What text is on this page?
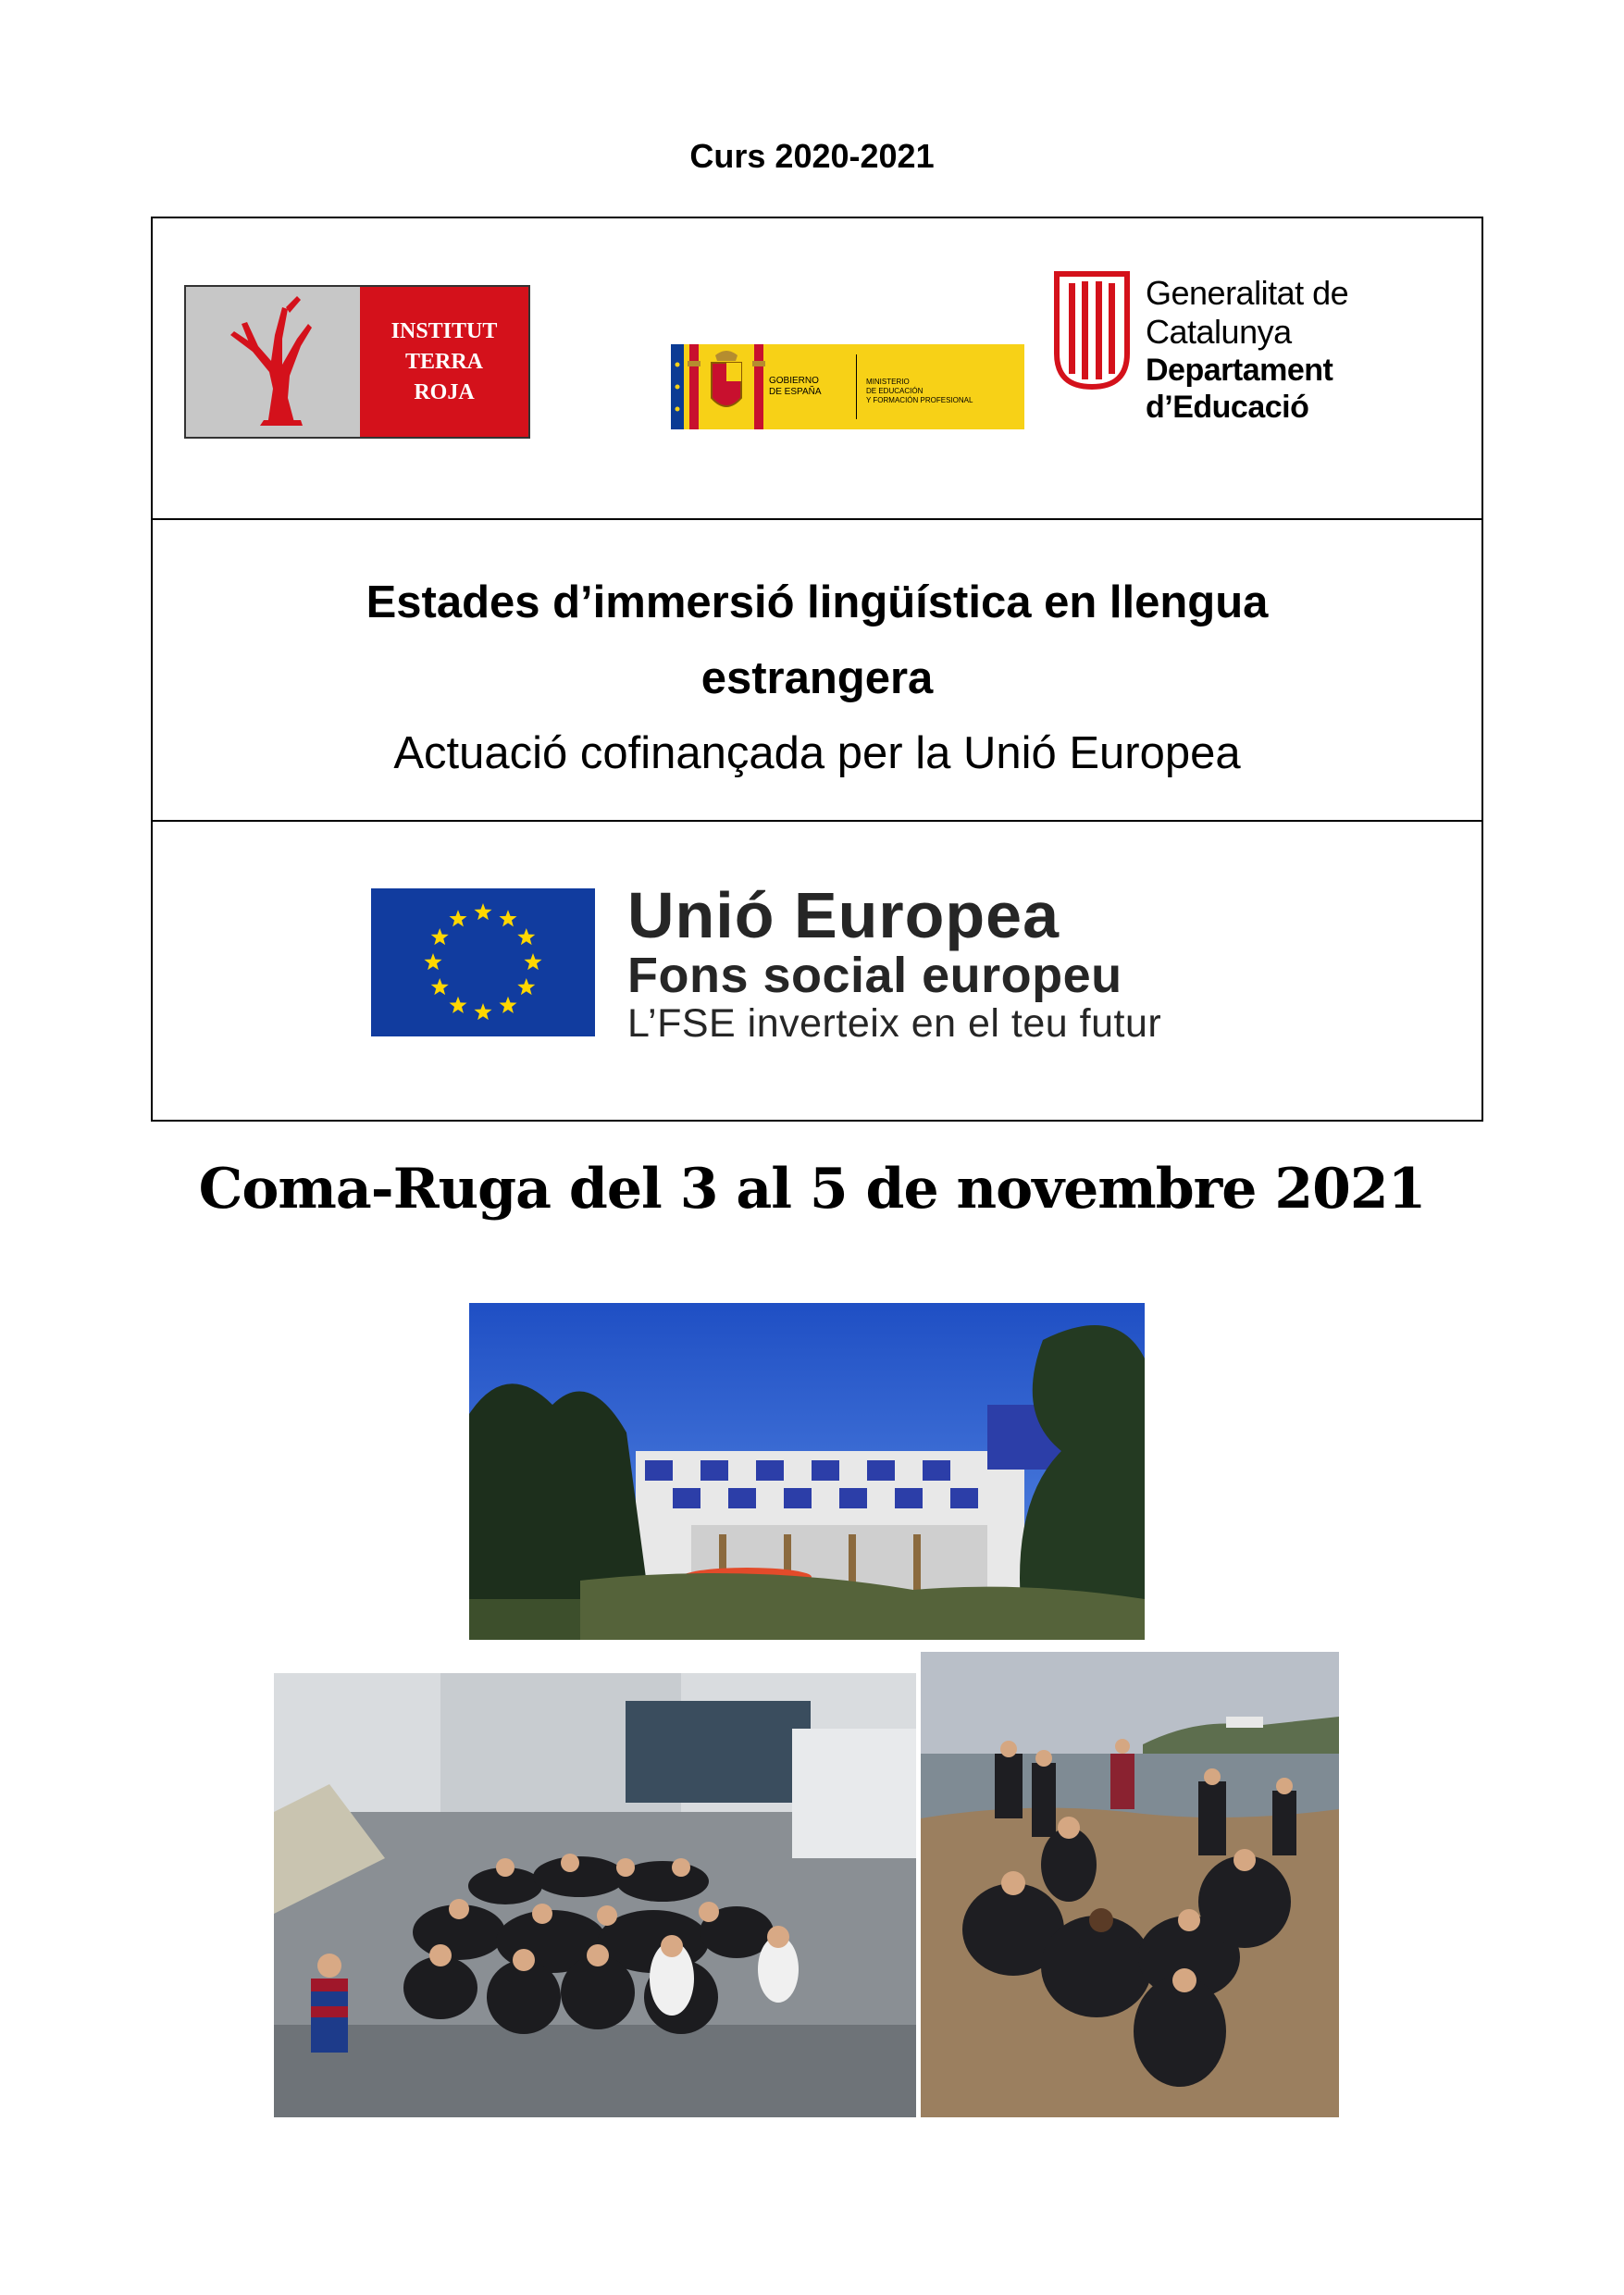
Curs 2020-2021
INSTITUT
TERRA
ROJA	GOBIERNO
DE ESPAÑA
MINISTERIO
DE EDUCACIÓN
Y FORMACIÓN PROFESIONAL
Generalitat de Catalunya
Departament
d’Educació
Estades d’immersió lingüística en llengua
estrangera
Actuació cofinançada per la Unió Europea
Unió Europea
Fons social europeu
L’FSE inverteix en el teu futur
Coma-Ruga del 3 al 5 de novembre 2021
